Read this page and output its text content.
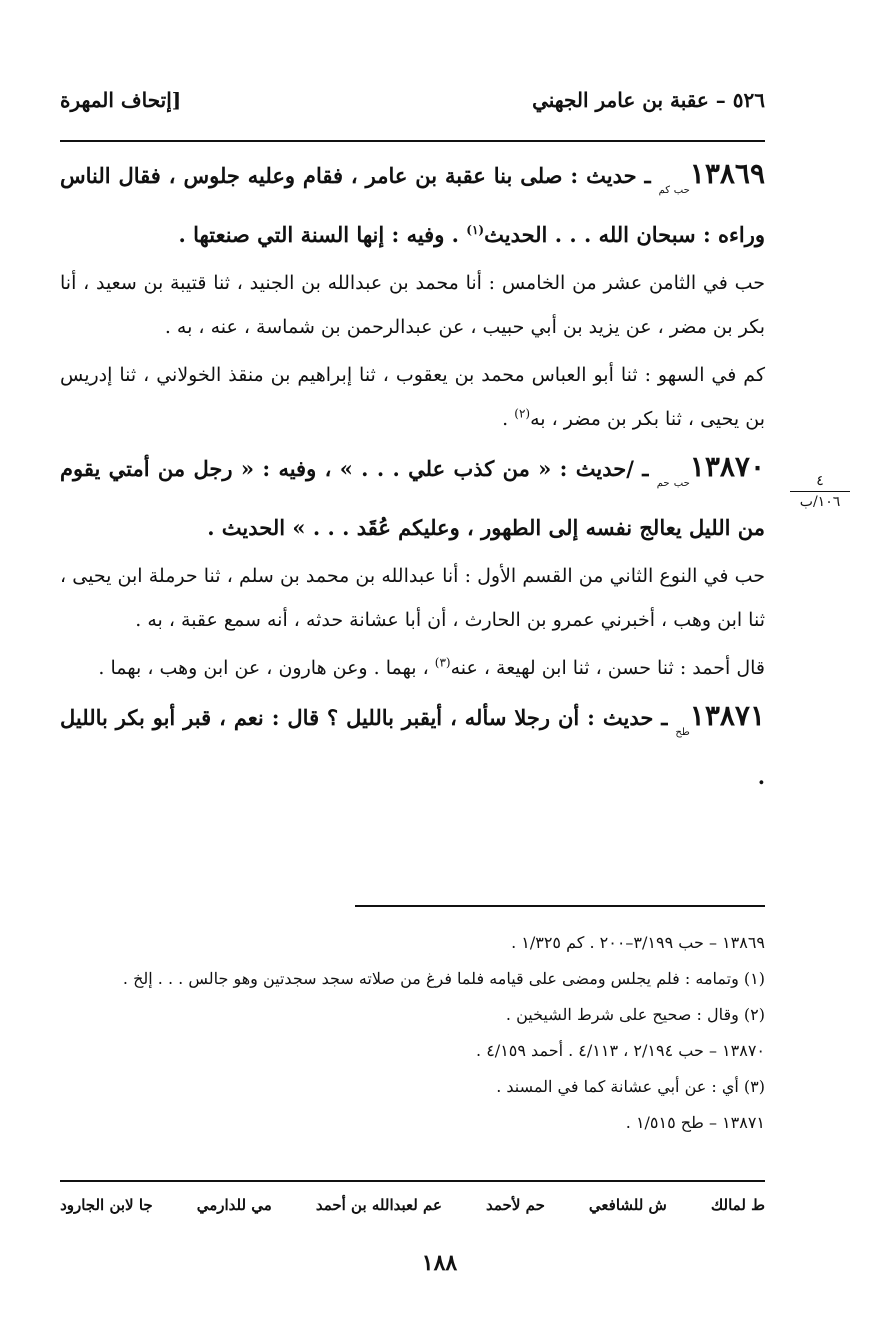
٥٢٦ – عقبة بن عامر الجهني
[إتحاف المهرة
٤
١٠٦/ب

$١٣٨٦٩_{حب كم}$ ـ حديث : صلى بنا عقبة بن عامر ، فقام وعليه جلوس ، فقال الناس وراءه : سبحان الله . . . الحديث$^{(١)}$ . وفيه : إنها السنة التي صنعتها .

حب في الثامن عشر من الخامس : أنا محمد بن عبدالله بن الجنيد ، ثنا قتيبة بن سعيد ، أنا بكر بن مضر ، عن يزيد بن أبي حبيب ، عن عبدالرحمن بن شماسة ، عنه ، به .

كم في السهو : ثنا أبو العباس محمد بن يعقوب ، ثنا إبراهيم بن منقذ الخولاني ، ثنا إدريس بن يحيى ، ثنا بكر بن مضر ، به$^{(٢)}$ .

$١٣٨٧٠_{حب حم}$ ـ /حديث : « من كذب علي . . . » ، وفيه : « رجل من أمتي يقوم من الليل يعالج نفسه إلى الطهور ، وعليكم عُقَد . . . » الحديث .

حب في النوع الثاني من القسم الأول : أنا عبدالله بن محمد بن سلم ، ثنا حرملة ابن يحيى ، ثنا ابن وهب ، أخبرني عمرو بن الحارث ، أن أبا عشانة حدثه ، أنه سمع عقبة ، به .

قال أحمد : ثنا حسن ، ثنا ابن لهيعة ، عنه$^{(٣)}$ ، بهما . وعن هارون ، عن ابن وهب ، بهما .

$١٣٨٧١_{طح}$ ـ حديث : أن رجلا سأله ، أيقبر بالليل ؟ قال : نعم ، قبر أبو بكر بالليل .

١٣٨٦٩ – حب ٣/١٩٩–٢٠٠ . كم ١/٣٢٥ .

(١) وتمامه : فلم يجلس ومضى على قيامه فلما فرغ من صلاته سجد سجدتين وهو جالس . . . إلخ .

(٢) وقال : صحيح على شرط الشيخين .

١٣٨٧٠ – حب ٢/١٩٤ ، ٤/١١٣ . أحمد ٤/١٥٩ .

(٣) أي : عن أبي عشانة كما في المسند .

١٣٨٧١ – طح ١/٥١٥ .

ط لمالك
ش للشافعي
حم لأحمد
عم لعبدالله بن أحمد
مي للدارمي
جا لابن الجارود
١٨٨
